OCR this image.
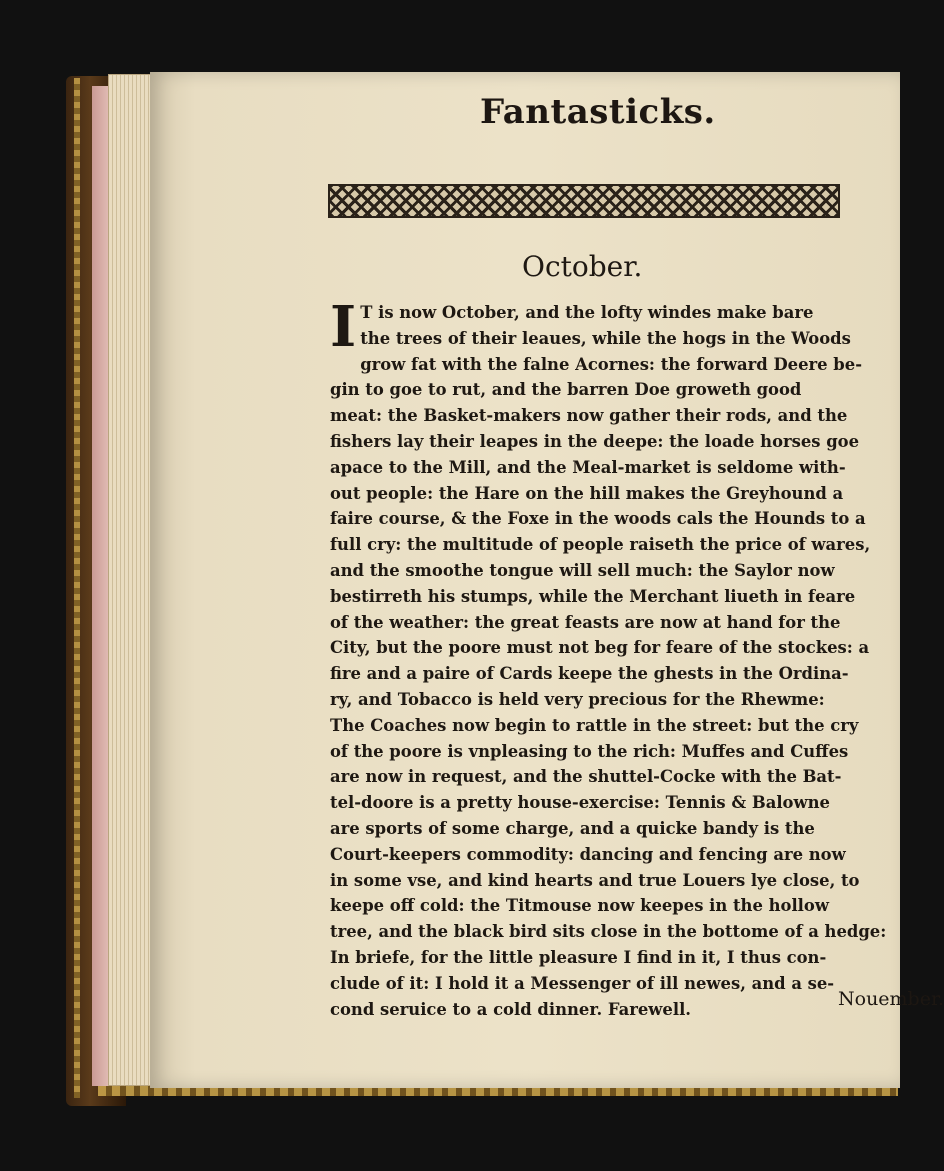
Fantasticks.
October.
I T is now October, and the lofty windes make bare
the trees of their leaues, while the hogs in the Woods
grow fat with the falne Acornes: the forward Deere be-
gin to goe to rut, and the barren Doe groweth good
meat: the Basket-makers now gather their rods, and the
fishers lay their leapes in the deepe: the loade horses goe
apace to the Mill, and the Meal-market is seldome with-
out people: the Hare on the hill makes the Greyhound a
faire course, & the Foxe in the woods cals the Hounds to a
full cry: the multitude of people raiseth the price of wares,
and the smoothe tongue will sell much: the Saylor now
bestirreth his stumps, while the Merchant liueth in feare
of the weather: the great feasts are now at hand for the
City, but the poore must not beg for feare of the stockes: a
fire and a paire of Cards keepe the ghests in the Ordina-
ry, and Tobacco is held very precious for the Rhewme:
The Coaches now begin to rattle in the street: but the cry
of the poore is vnpleasing to the rich: Muffes and Cuffes
are now in request, and the shuttel-Cocke with the Bat-
tel-doore is a pretty house-exercise: Tennis & Balowne
are sports of some charge, and a quicke bandy is the
Court-keepers commodity: dancing and fencing are now
in some vse, and kind hearts and true Louers lye close, to
keepe off cold: the Titmouse now keepes in the hollow
tree, and the black bird sits close in the bottome of a hedge:
In briefe, for the little pleasure I find in it, I thus con-
clude of it: I hold it a Messenger of ill newes, and a se-
cond seruice to a cold dinner. Farewell.	Nouember.
